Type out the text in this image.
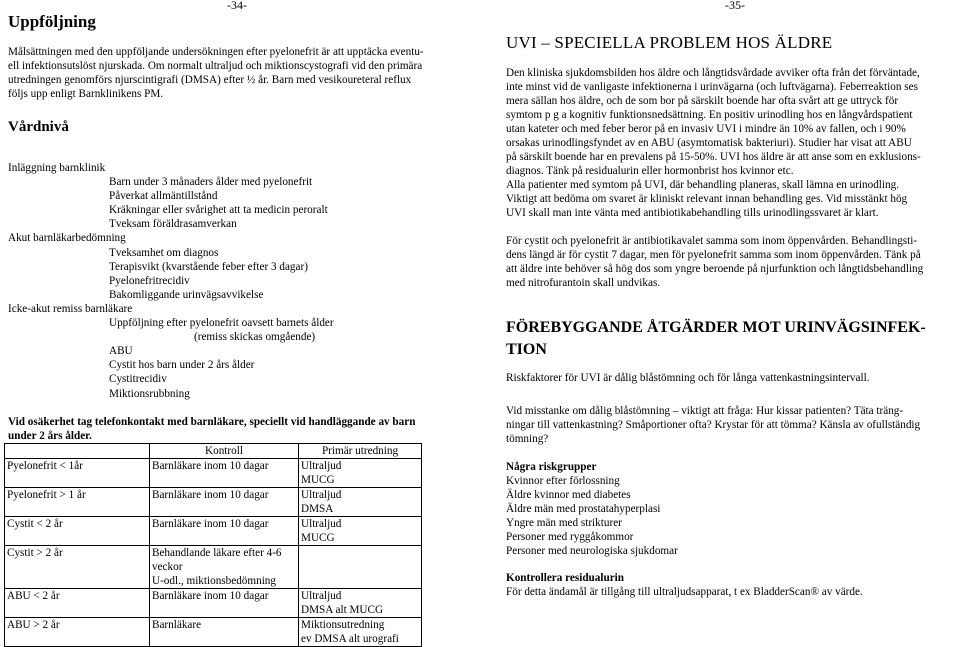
-34-
Uppföljning
Målsättningen med den uppföljande undersökningen efter pyelonefrit är att upptäcka eventu-
ell infektionsutslöst njurskada. Om normalt ultraljud och miktionscystografi vid den primära
utredningen genomförs njurscintigrafi (DMSA) efter ½ år. Barn med vesikoureteral reflux
följs upp enligt Barnklinikens PM.
Vårdnivå
Inläggning barnklinik
Barn under 3 månaders ålder med pyelonefrit
Påverkat allmäntillstånd
Kräkningar eller svårighet att ta medicin peroralt
Tveksam föräldrasamverkan
Akut barnläkarbedömning
Tveksamhet om diagnos
Terapisvikt (kvarstående feber efter 3 dagar)
Pyelonefritrecidiv
Bakomliggande urinvägsavvikelse
Icke-akut remiss barnläkare
Uppföljning efter pyelonefrit oavsett barnets ålder
(remiss skickas omgående)
ABU
Cystit hos barn under 2 års ålder
Cystitrecidiv
Miktionsrubbning
Vid osäkerhet tag telefonkontakt med barnläkare, speciellt vid handläggande av barn
under 2 års ålder.
	Kontroll	Primär utredning
Pyelonefrit < 1år	Barnläkare inom 10 dagar	Ultraljud
MUCG

Pyelonefrit > 1 år	Barnläkare inom 10 dagar	Ultraljud
DMSA

Cystit < 2 år	Barnläkare inom 10 dagar	Ultraljud
MUCG

Cystit > 2 år	Behandlande läkare efter 4-6
veckor
U-odl., miktionsbedömning	

ABU < 2 år	Barnläkare inom 10 dagar	Ultraljud
DMSA alt MUCG

ABU > 2 år	Barnläkare	Miktionsutredning
ev DMSA alt urografi
-35-
UVI – SPECIELLA PROBLEM HOS ÄLDRE
Den kliniska sjukdomsbilden hos äldre och långtidsvårdade avviker ofta från det förväntade,
inte minst vid de vanligaste infektionerna i urinvägarna (och luftvägarna). Feberreaktion ses
mera sällan hos äldre, och de som bor på särskilt boende har ofta svårt att ge uttryck för
symtom p g a kognitiv funktionsnedsättning. En positiv urinodling hos en långvårdspatient
utan kateter och med feber beror på en invasiv UVI i mindre än 10% av fallen, och i 90%
orsakas urinodlingsfyndet av en ABU (asymtomatisk bakteriuri). Studier har visat att ABU
på särskilt boende har en prevalens på 15-50%. UVI hos äldre är att anse som en exklusions-
diagnos. Tänk på residualurin eller hormonbrist hos kvinnor etc.
Alla patienter med symtom på UVI, där behandling planeras, skall lämna en urinodling.
Viktigt att bedöma om svaret är kliniskt relevant innan behandling ges. Vid misstänkt hög
UVI skall man inte vänta med antibiotikabehandling tills urinodlingssvaret är klart.
För cystit och pyelonefrit är antibiotikavalet samma som inom öppenvården. Behandlingsti-
dens längd är för cystit 7 dagar, men för pyelonefrit samma som inom öppenvården. Tänk på
att äldre inte behöver så hög dos som yngre beroende på njurfunktion och långtidsbehandling
med nitrofurantoin skall undvikas.
FÖREBYGGANDE ÅTGÄRDER MOT URINVÄGSINFEK-
TION
Riskfaktorer för UVI är dålig blåstömning och för långa vattenkastningsintervall.
Vid misstanke om dålig blåstömning – viktigt att fråga: Hur kissar patienten? Täta träng-
ningar till vattenkastning? Småportioner ofta? Krystar för att tömma? Känsla av ofullständig
tömning?
Några riskgrupper
Kvinnor efter förlossning
Äldre kvinnor med diabetes
Äldre män med prostatahyperplasi
Yngre män med strikturer
Personer med ryggåkommor
Personer med neurologiska sjukdomar
Kontrollera residualurin
För detta ändamål är tillgång till ultraljudsapparat, t ex BladderScan® av värde.
